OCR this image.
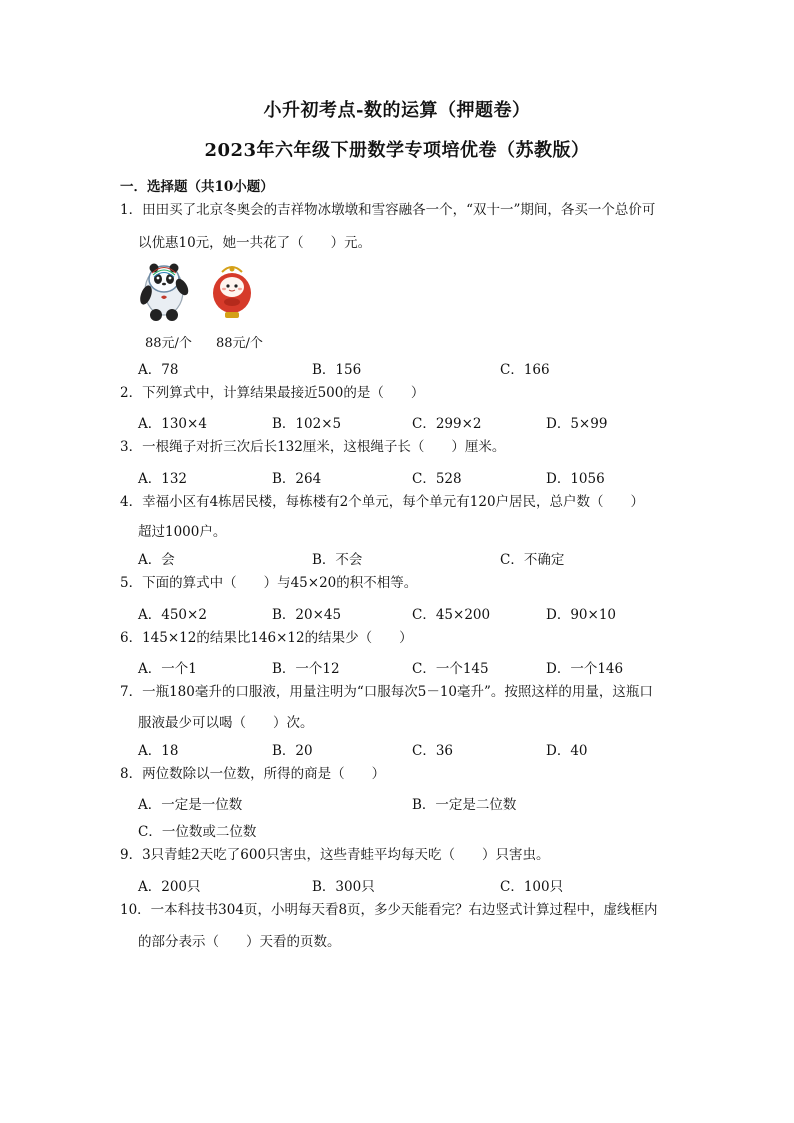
小升初考点-数的运算（押题卷）
2023年六年级下册数学专项培优卷（苏教版）
一．选择题（共10小题）
1．田田买了北京冬奥会的吉祥物冰墩墩和雪容融各一个，“双十一”期间，各买一个总价可
以优惠10元，她一共花了（　　）元。
88元/个 88元/个
A．78	B．156	C．166
2．下列算式中，计算结果最接近500的是（　　）
A．130×4	B．102×5	C．299×2	D．5×99
3．一根绳子对折三次后长132厘米，这根绳子长（　　）厘米。
A．132	B．264	C．528	D．1056
4．幸福小区有4栋居民楼，每栋楼有2个单元，每个单元有120户居民，总户数（　　）
超过1000户。
A．会	B．不会	C．不确定
5．下面的算式中（　　）与45×20的积不相等。
A．450×2	B．20×45	C．45×200	D．90×10
6．145×12的结果比146×12的结果少（　　）
A．一个1	B．一个12	C．一个145	D．一个146
7．一瓶180毫升的口服液，用量注明为“口服每次5－10毫升”。按照这样的用量，这瓶口
服液最少可以喝（　　）次。
A．18	B．20	C．36	D．40
8．两位数除以一位数，所得的商是（　　）
A．一定是一位数	B．一定是二位数
C．一位数或二位数
9．3只青蛙2天吃了600只害虫，这些青蛙平均每天吃（　　）只害虫。
A．200只	B．300只	C．100只
10．一本科技书304页，小明每天看8页，多少天能看完？右边竖式计算过程中，虚线框内
的部分表示（　　）天看的页数。
